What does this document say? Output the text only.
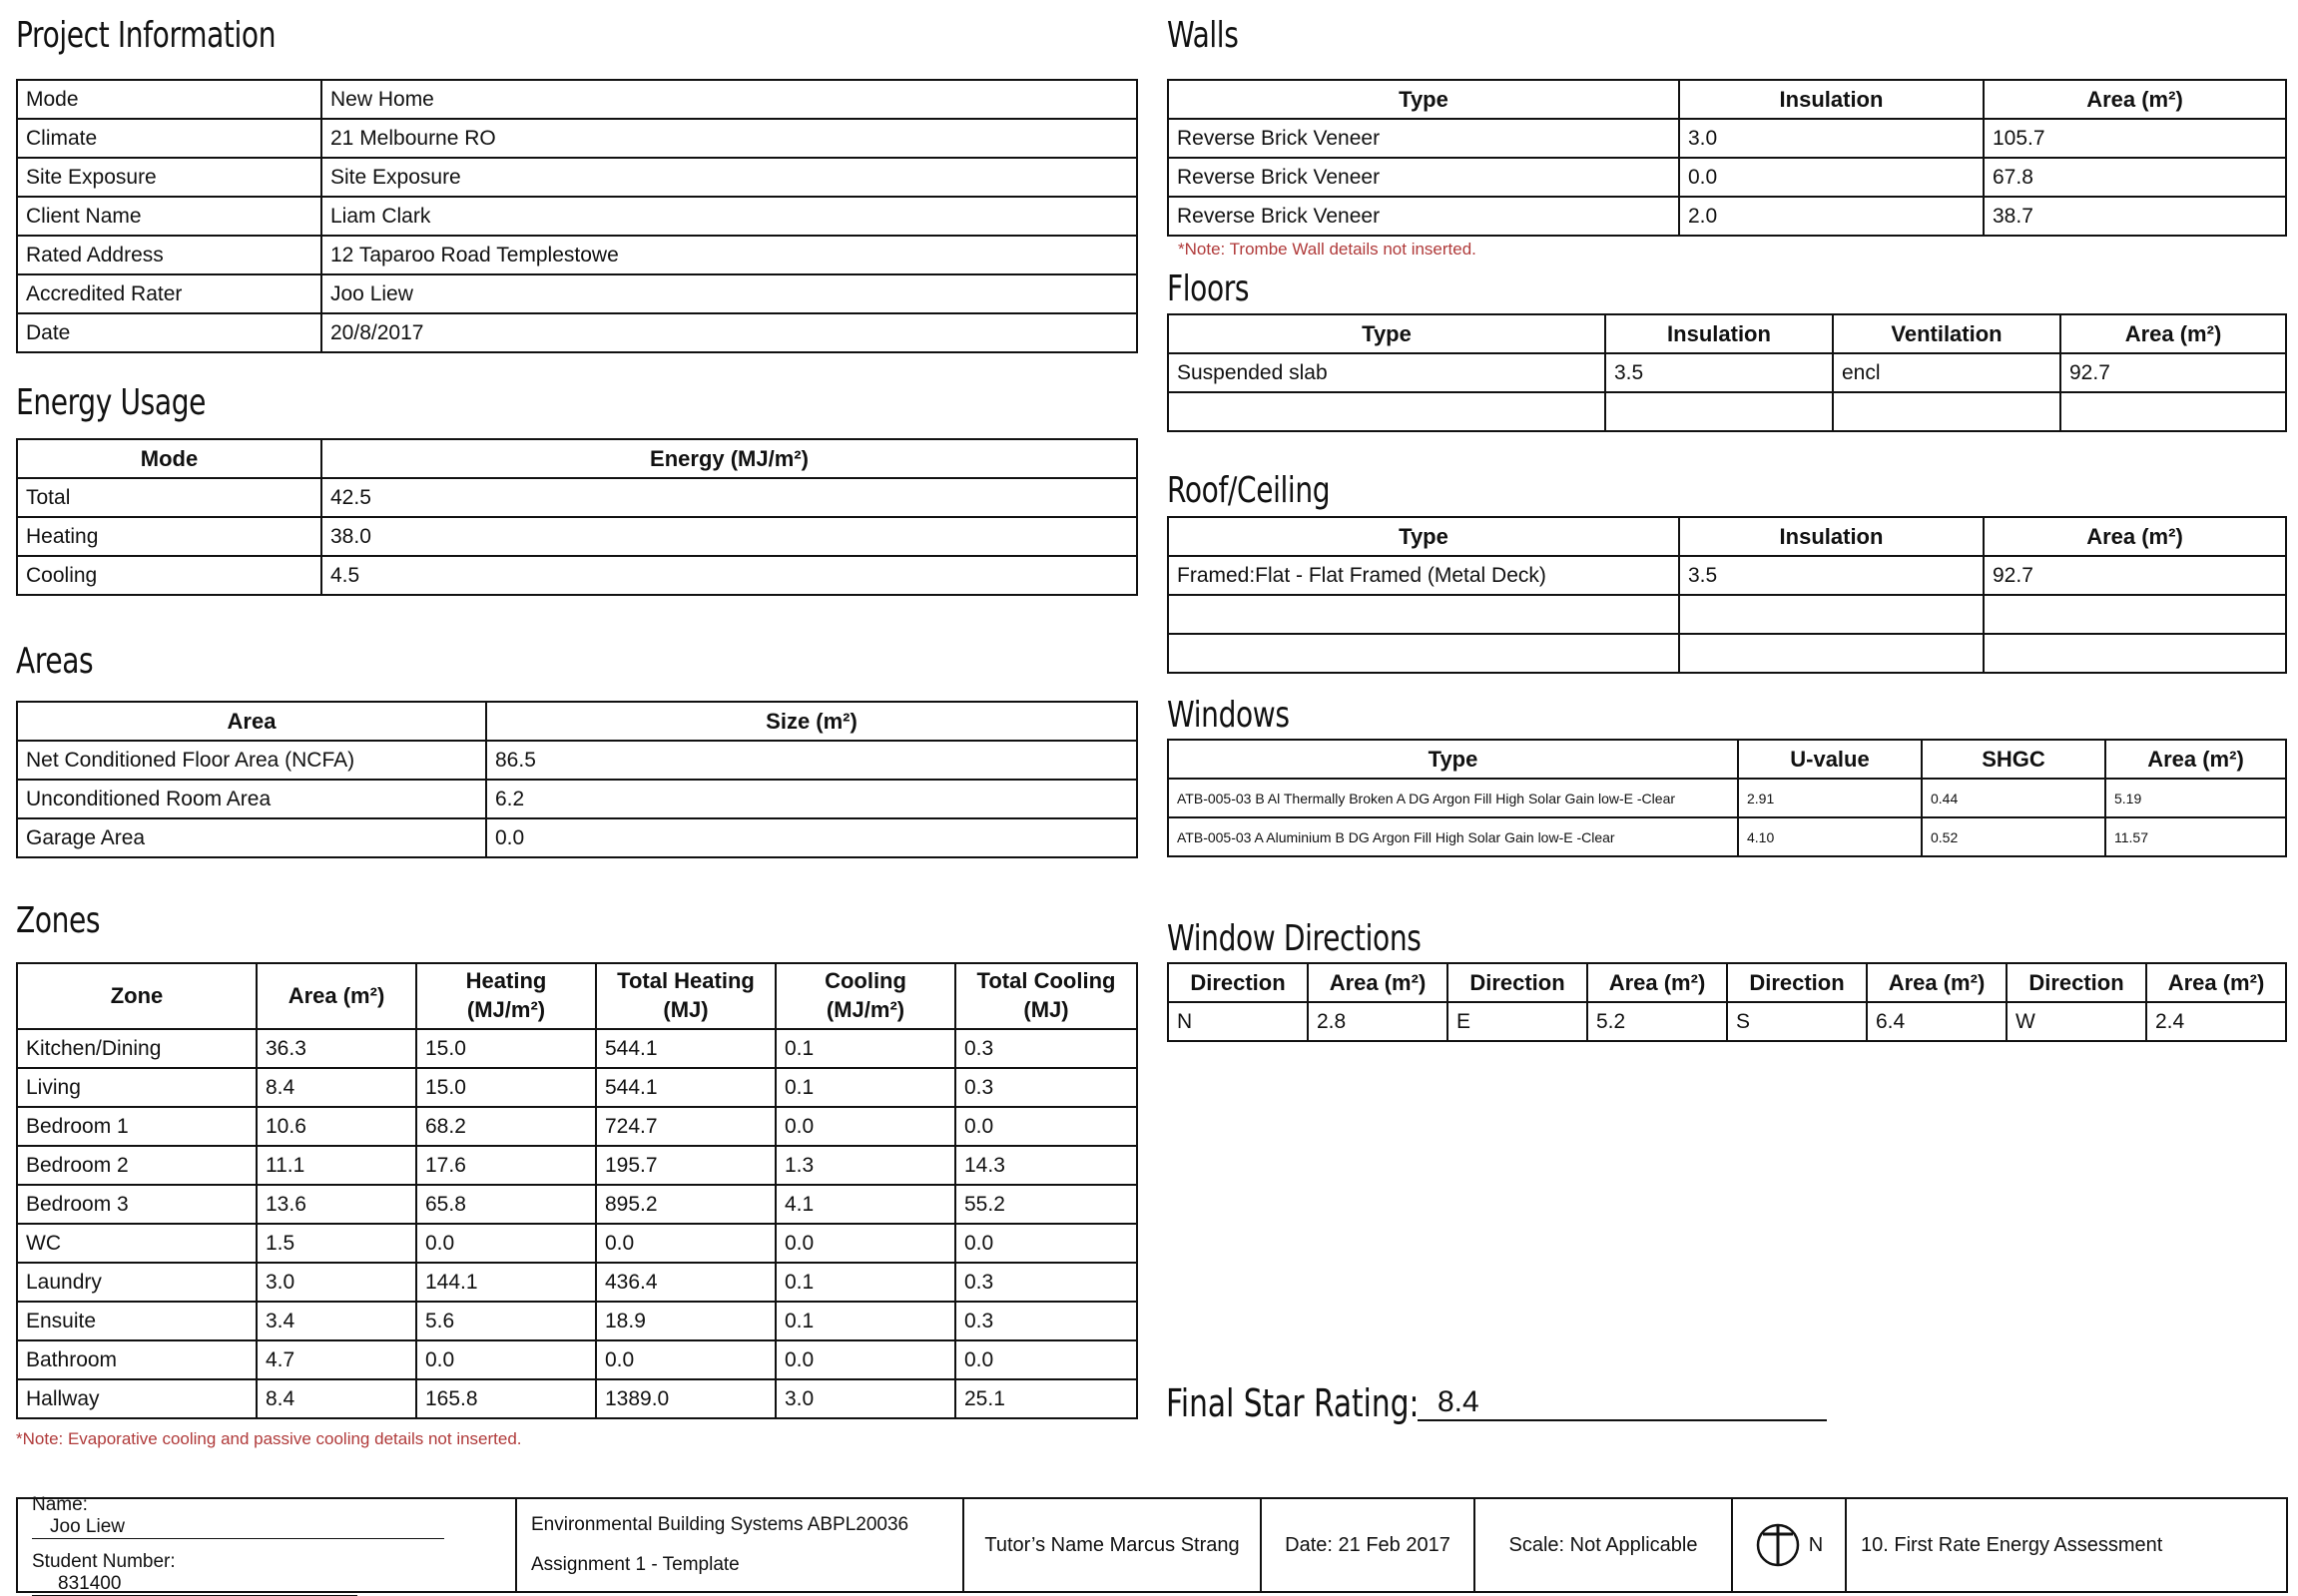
Project Information
Mode	New Home
Climate	21 Melbourne RO
Site Exposure	Site Exposure
Client Name	Liam Clark
Rated Address	12 Taparoo Road Templestowe
Accredited Rater	Joo Liew
Date	20/8/2017
Energy Usage
Mode	Energy (MJ/m²)
Total	42.5
Heating	38.0
Cooling	4.5
Areas
Area	Size (m²)
Net Conditioned Floor Area (NCFA)	86.5
Unconditioned Room Area	6.2
Garage Area	0.0
Zones
Zone	Area (m²)	Heating (MJ/m²)	Total Heating (MJ)	Cooling (MJ/m²)	Total Cooling (MJ)
Kitchen/Dining	36.3	15.0	544.1	0.1	0.3
Living	8.4	15.0	544.1	0.1	0.3
Bedroom 1	10.6	68.2	724.7	0.0	0.0
Bedroom 2	11.1	17.6	195.7	1.3	14.3
Bedroom 3	13.6	65.8	895.2	4.1	55.2
WC	1.5	0.0	0.0	0.0	0.0
Laundry	3.0	144.1	436.4	0.1	0.3
Ensuite	3.4	5.6	18.9	0.1	0.3
Bathroom	4.7	0.0	0.0	0.0	0.0
Hallway	8.4	165.8	1389.0	3.0	25.1
*Note: Evaporative cooling and passive cooling details not inserted.
Walls
Type	Insulation	Area (m²)
Reverse Brick Veneer	3.0	105.7
Reverse Brick Veneer	0.0	67.8
Reverse Brick Veneer	2.0	38.7
*Note: Trombe Wall details not inserted.
Floors
Type	Insulation	Ventilation	Area (m²)
Suspended slab	3.5	encl	92.7

Roof/Ceiling
Type	Insulation	Area (m²)
Framed:Flat - Flat Framed (Metal Deck)	3.5	92.7

Windows
Type	U-value	SHGC	Area (m²)
ATB-005-03 B Al Thermally Broken A DG Argon Fill High Solar Gain low-E -Clear	2.91	0.44	5.19
ATB-005-03 A Aluminium B DG Argon Fill High Solar Gain low-E -Clear	4.10	0.52	11.57
Window Directions
Direction	Area (m²)	Direction	Area (m²)	Direction	Area (m²)	Direction	Area (m²)
N	2.8	E	5.2	S	6.4	W	2.4
Final Star Rating: 8.4
Name: Joo Liew
Student Number: 831400
Environmental Building Systems ABPL20036
Assignment 1 - Template
Tutor’s Name Marcus Strang Date: 21 Feb 2017	Scale: Not Applicable	N 10. First Rate Energy Assessment
